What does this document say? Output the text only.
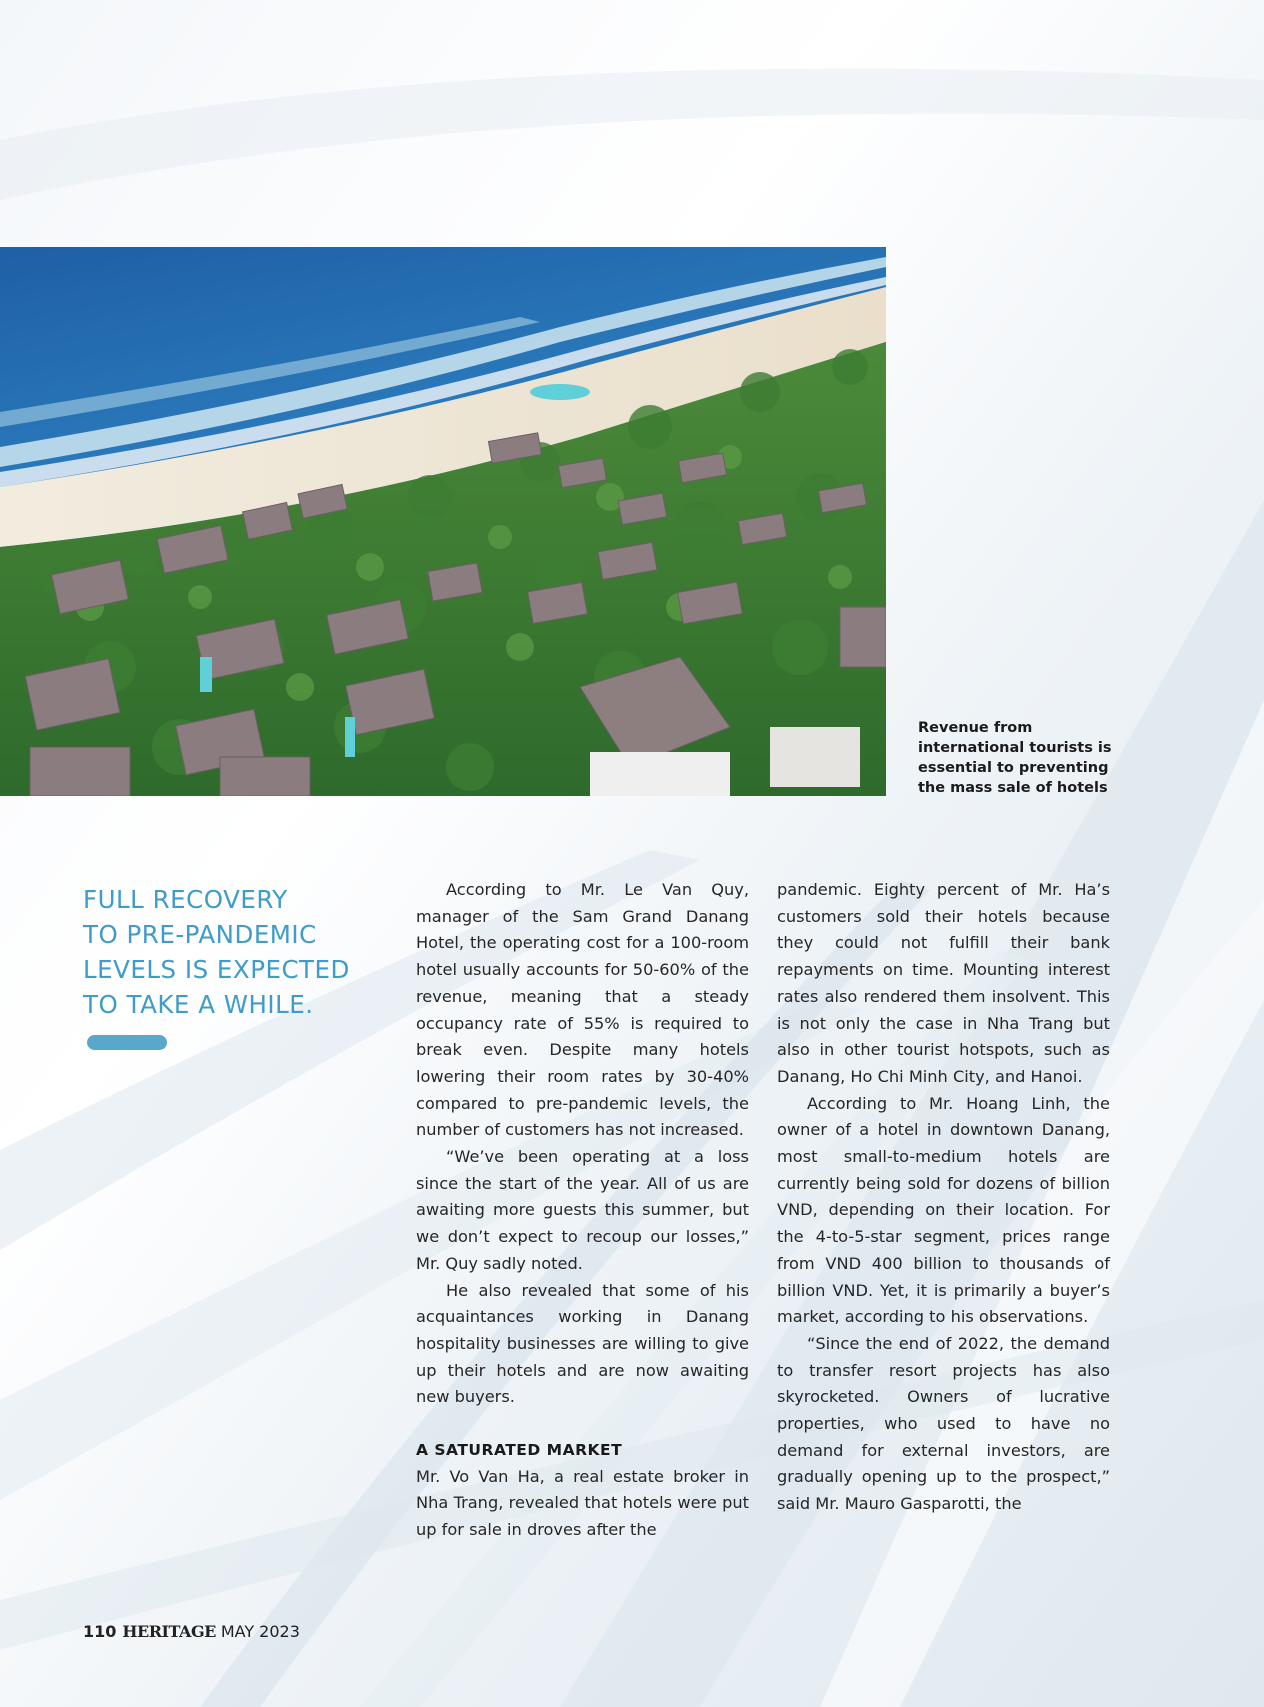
Revenue from international tourists is essential to preventing the mass sale of hotels
FULL RECOVERY
TO PRE-PANDEMIC
LEVELS IS EXPECTED
TO TAKE A WHILE.

According to Mr. Le Van Quy, manager of the Sam Grand Danang Hotel, the operating cost for a 100-room hotel usually accounts for 50-60% of the revenue, meaning that a steady occupancy rate of 55% is required to break even. Despite many hotels lowering their room rates by 30-40% compared to pre-pandemic levels, the number of customers has not increased.

“We’ve been operating at a loss since the start of the year. All of us are awaiting more guests this summer, but we don’t expect to recoup our losses,” Mr. Quy sadly noted.

He also revealed that some of his acquaintances working in Danang hospitality businesses are willing to give up their hotels and are now awaiting new buyers.

A SATURATED MARKET

Mr. Vo Van Ha, a real estate broker in Nha Trang, revealed that hotels were put up for sale in droves after the

pandemic. Eighty percent of Mr. Ha’s customers sold their hotels because they could not fulfill their bank repayments on time. Mounting interest rates also rendered them insolvent. This is not only the case in Nha Trang but also in other tourist hotspots, such as Danang, Ho Chi Minh City, and Hanoi.

According to Mr. Hoang Linh, the owner of a hotel in downtown Danang, most small-to-medium hotels are currently being sold for dozens of billion VND, depending on their location. For the 4-to-5-star segment, prices range from VND 400 billion to thousands of billion VND. Yet, it is primarily a buyer’s market, according to his observations.

“Since the end of 2022, the demand to transfer resort projects has also skyrocketed. Owners of lucrative properties, who used to have no demand for external investors, are gradually opening up to the prospect,” said Mr. Mauro Gasparotti, the

110 HERITAGE MAY 2023
